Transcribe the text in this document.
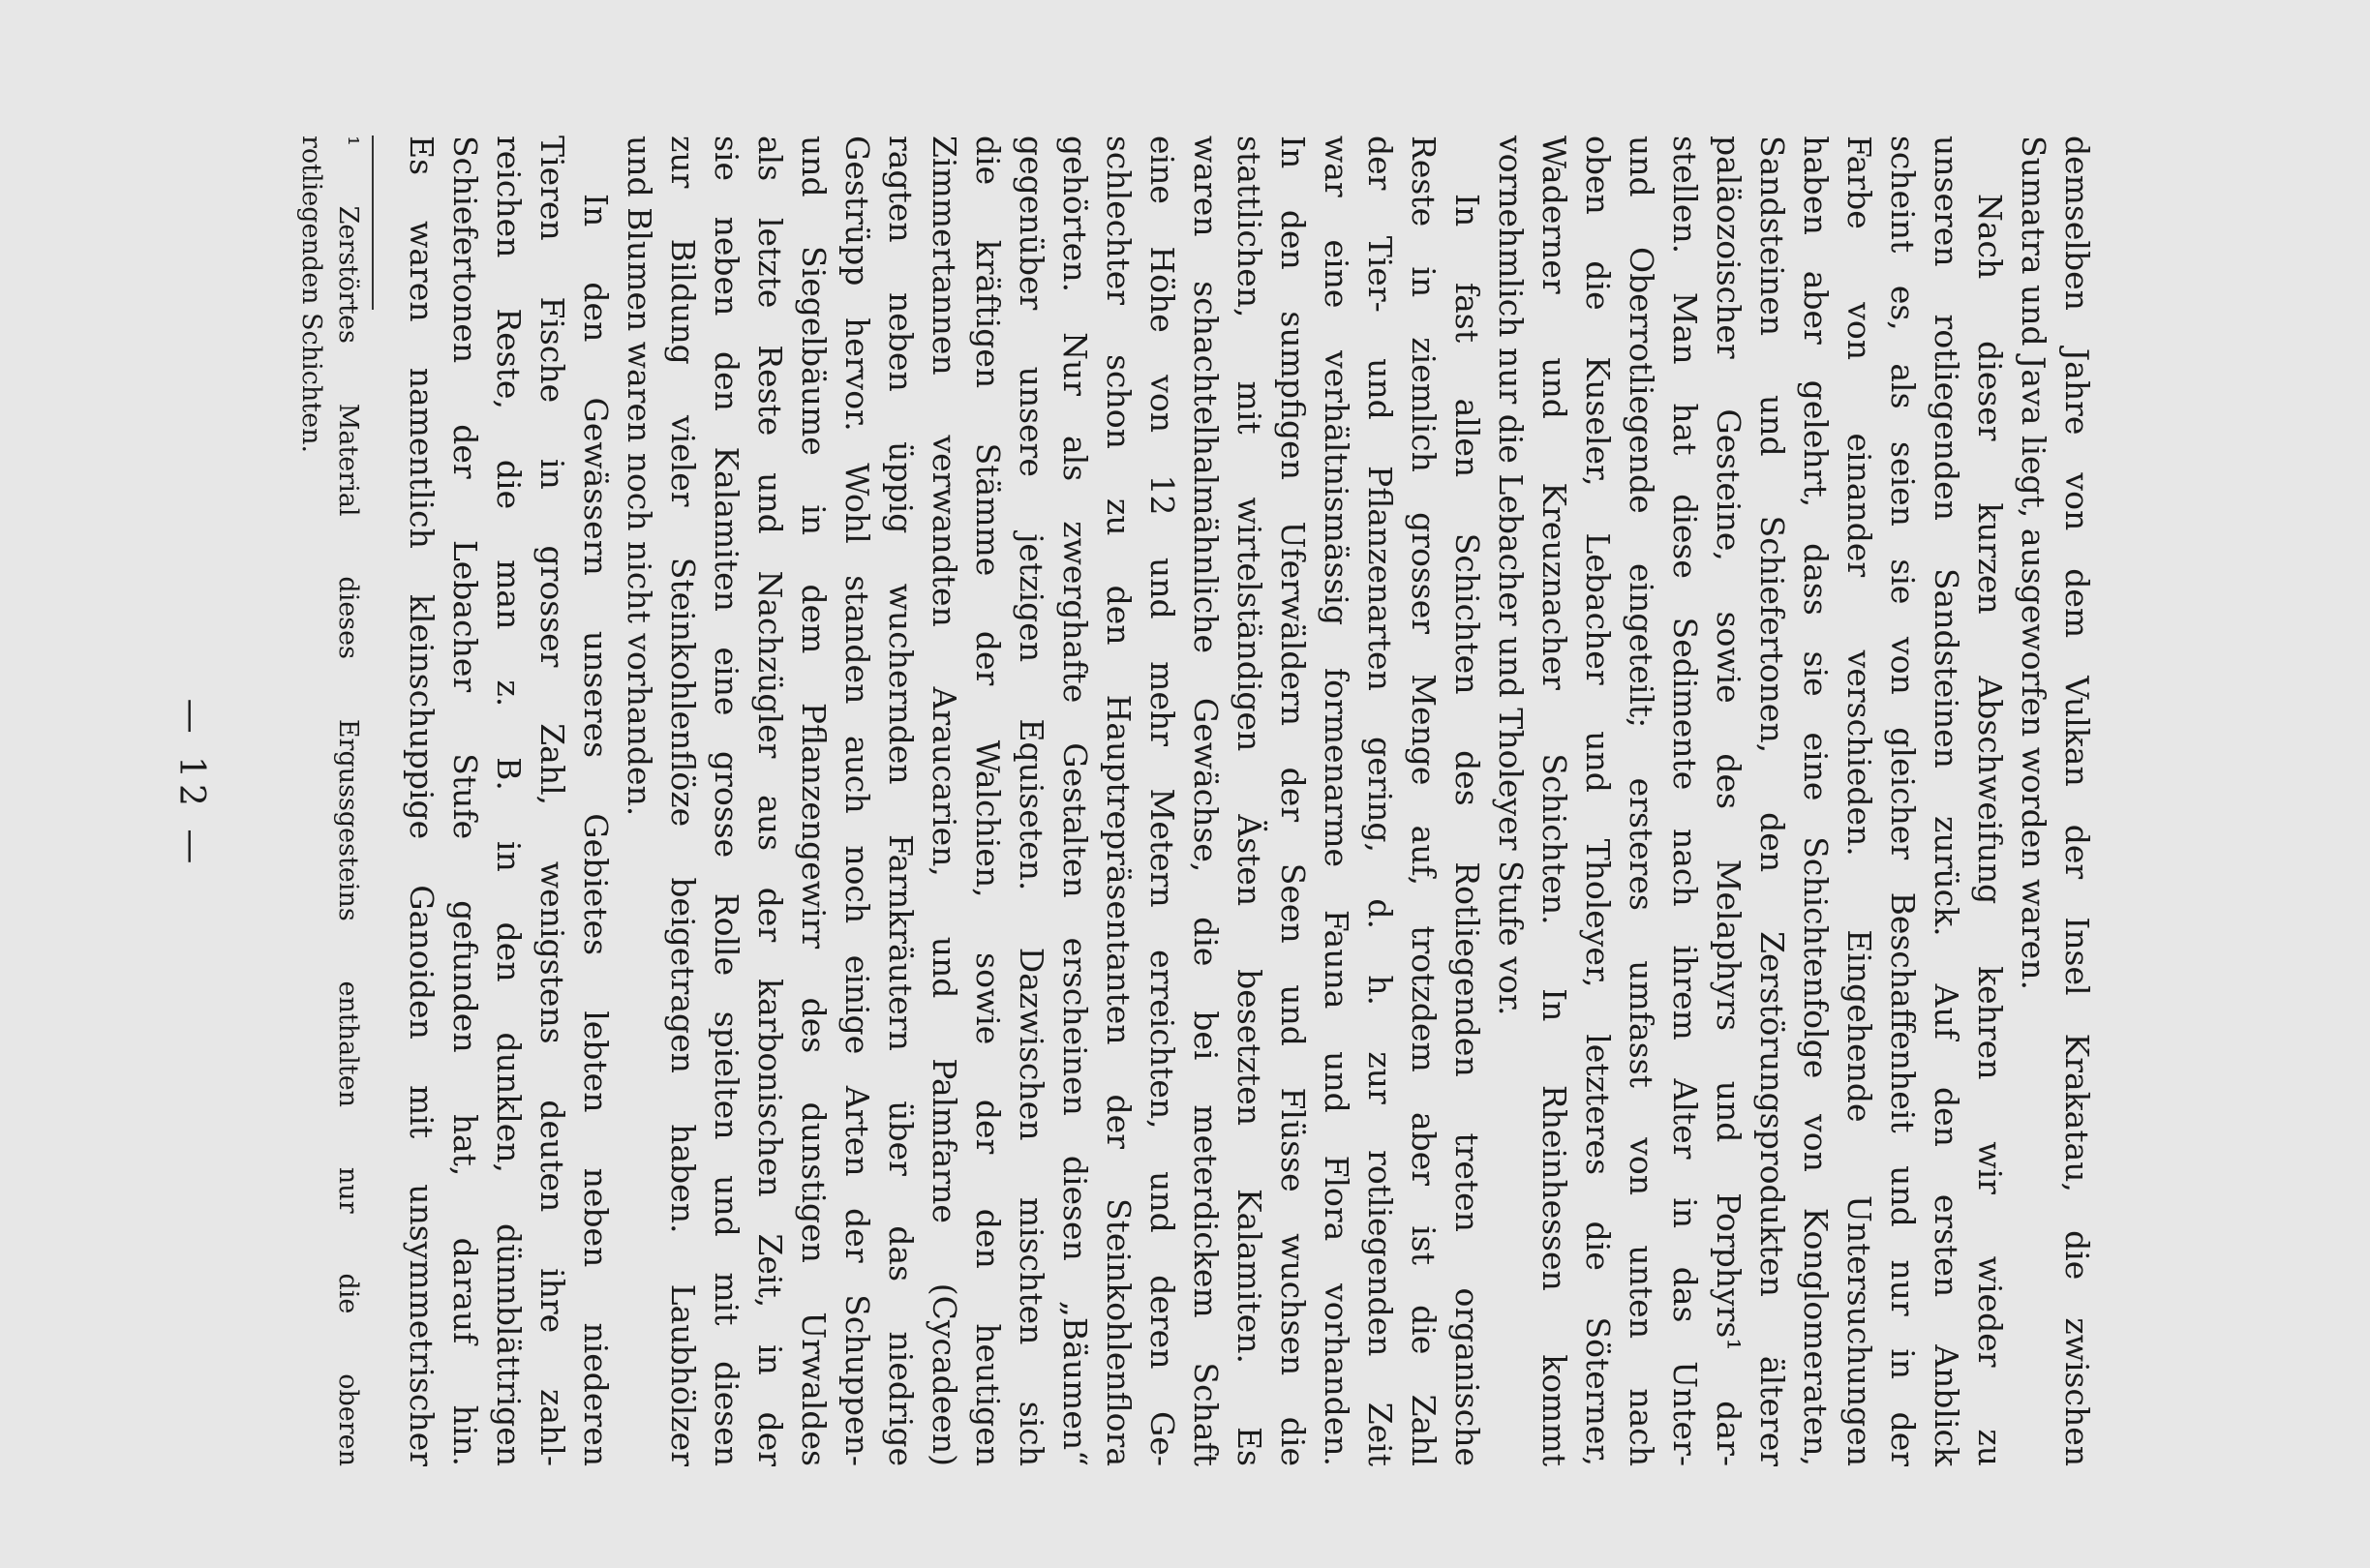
— 12 —	demselben Jahre von dem Vulkan der Insel Krakatau, die zwischen
Sumatra und Java liegt, ausgeworfen worden waren.

Nach dieser kurzen Abschweifung kehren wir wieder zu
unseren rotliegenden Sandsteinen zurück. Auf den ersten Anblick
scheint es, als seien sie von gleicher Beschaffenheit und nur in der
Farbe von einander verschieden. Eingehende Untersuchungen
haben aber gelehrt, dass sie eine Schichtenfolge von Konglomeraten,
Sandsteinen und Schiefertonen, den Zerstörungsprodukten älterer
paläozoischer Gesteine, sowie des Melaphyrs und Porphyrs¹ dar-
stellen. Man hat diese Sedimente nach ihrem Alter in das Unter-
und Oberrotliegende eingeteilt; ersteres umfasst von unten nach
oben die Kuseler, Lebacher und Tholeyer, letzteres die Söterner,
Waderner und Kreuznacher Schichten. In Rheinhessen kommt
vornehmlich nur die Lebacher und Tholeyer Stufe vor.

In fast allen Schichten des Rotliegenden treten organische
Reste in ziemlich grosser Menge auf, trotzdem aber ist die Zahl
der Tier- und Pflanzenarten gering, d. h. zur rotliegenden Zeit
war eine verhältnismässig formenarme Fauna und Flora vorhanden.
In den sumpfigen Uferwäldern der Seen und Flüsse wuchsen die
stattlichen, mit wirtelständigen Ästen besetzten Kalamiten. Es
waren schachtelhalmähnliche Gewächse, die bei meterdickem Schaft
eine Höhe von 12 und mehr Metern erreichten, und deren Ge-
schlechter schon zu den Hauptrepräsentanten der Steinkohlenflora
gehörten. Nur als zwerghafte Gestalten erscheinen diesen „Bäumen“
gegenüber unsere jetzigen Equiseten. Dazwischen mischten sich
die kräftigen Stämme der Walchien, sowie der den heutigen
Zimmertannen verwandten Araucarien, und Palmfarne (Cycadeen)
ragten neben üppig wuchernden Farnkräutern über das niedrige
Gestrüpp hervor. Wohl standen auch noch einige Arten der Schuppen-
und Siegelbäume in dem Pflanzengewirr des dunstigen Urwaldes
als letzte Reste und Nachzügler aus der karbonischen Zeit, in der
sie neben den Kalamiten eine grosse Rolle spielten und mit diesen
zur Bildung vieler Steinkohlenflöze beigetragen haben. Laubhölzer
und Blumen waren noch nicht vorhanden.

In den Gewässern unseres Gebietes lebten neben niederen
Tieren Fische in grosser Zahl, wenigstens deuten ihre zahl-
reichen Reste, die man z. B. in den dunklen, dünnblättrigen
Schiefertonen der Lebacher Stufe gefunden hat, darauf hin.
Es waren namentlich kleinschuppige Ganoiden mit unsymmetrischer

¹ Zerstörtes Material dieses Ergussgesteins enthalten nur die oberen
rotliegenden Schichten.
